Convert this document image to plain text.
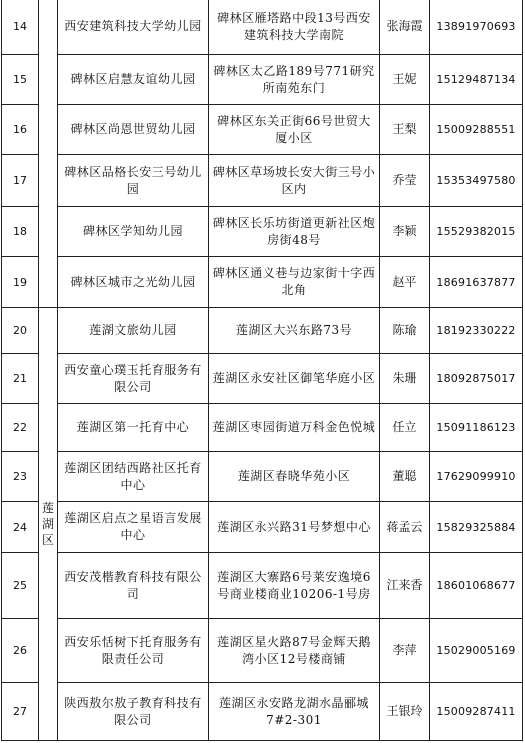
14		西安建筑科技大学幼儿园	碑林区雁塔路中段13号西安建筑科技大学南院	张海霞	13891970693
15		碑林区启慧友谊幼儿园	碑林区太乙路189号771研究所南苑东门	王妮	15129487134
16		碑林区尚恩世贸幼儿园	碑林区东关正街66号世贸大厦小区	王梨	15009288551
17		碑林区品格长安三号幼儿园	碑林区草场坡长安大街三号小区内	乔莹	15353497580
18		碑林区学知幼儿园	碑林区长乐坊街道更新社区炮房街48号	李颖	15529382015
19		碑林区城市之光幼儿园	碑林区通义巷与边家街十字西北角	赵平	18691637877
20	莲湖区	莲湖文旅幼儿园	莲湖区大兴东路73号	陈瑜	18192330222
21		西安童心璞玉托育服务有限公司	莲湖区永安社区御笔华庭小区	朱珊	18092875017
22		莲湖区第一托育中心	莲湖区枣园街道万科金色悦城	任立	15091186123
23		莲湖区团结西路社区托育中心	莲湖区春晓华苑小区	董聪	17629099910
24		莲湖区启点之星语言发展中心	莲湖区永兴路31号梦想中心	蒋孟云	15829325884
25		西安茂楷教育科技有限公司	莲湖区大寨路6号莱安逸境6号商业楼商业10206-1号房	江来香	18601068677
26		西安乐恬树下托育服务有限责任公司	莲湖区星火路87号金辉天鹅湾小区12号楼商铺	李萍	15029005169
27		陕西敖尔敖子教育科技有限公司	莲湖区永安路龙湖水晶郦城7#2-301	王银玲	15009287411
